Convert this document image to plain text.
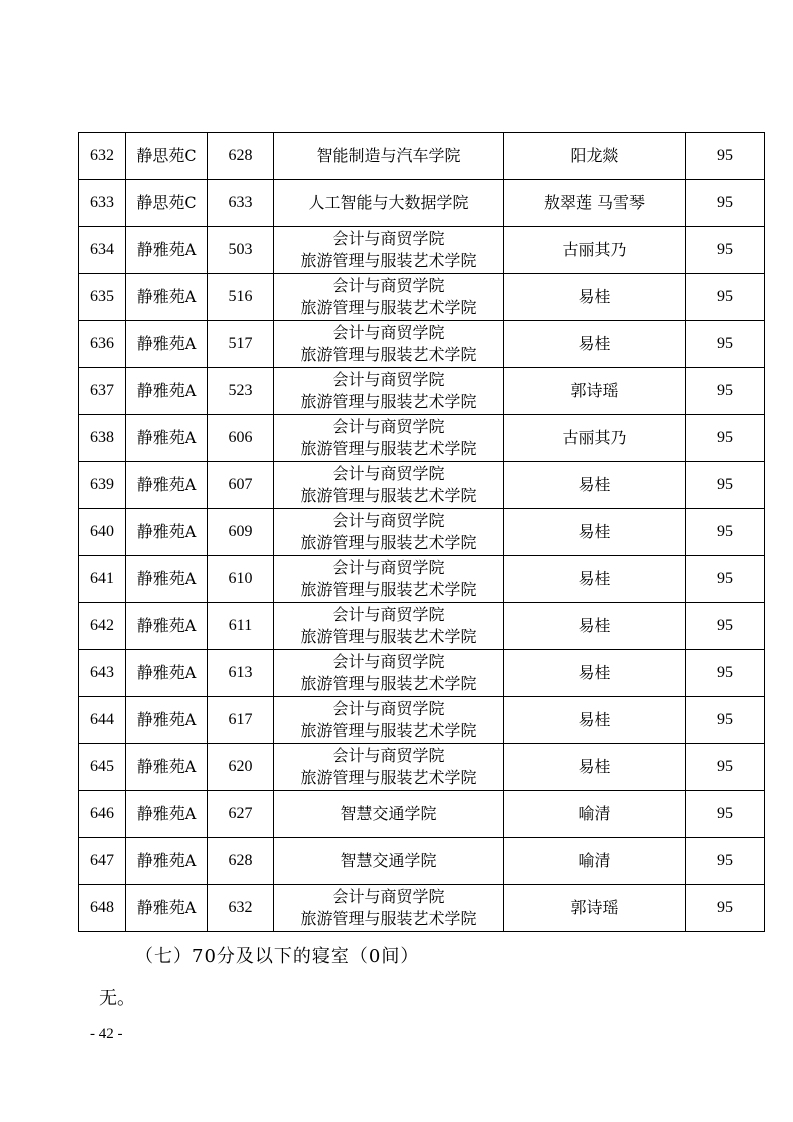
632	静思苑C	628	智能制造与汽车学院	阳龙燚	95
633	静思苑C	633	人工智能与大数据学院	敖翠莲 马雪琴	95
634	静雅苑A	503	会计与商贸学院
旅游管理与服装艺术学院	古丽其乃	95
635	静雅苑A	516	会计与商贸学院
旅游管理与服装艺术学院	易桂	95
636	静雅苑A	517	会计与商贸学院
旅游管理与服装艺术学院	易桂	95
637	静雅苑A	523	会计与商贸学院
旅游管理与服装艺术学院	郭诗瑶	95
638	静雅苑A	606	会计与商贸学院
旅游管理与服装艺术学院	古丽其乃	95
639	静雅苑A	607	会计与商贸学院
旅游管理与服装艺术学院	易桂	95
640	静雅苑A	609	会计与商贸学院
旅游管理与服装艺术学院	易桂	95
641	静雅苑A	610	会计与商贸学院
旅游管理与服装艺术学院	易桂	95
642	静雅苑A	611	会计与商贸学院
旅游管理与服装艺术学院	易桂	95
643	静雅苑A	613	会计与商贸学院
旅游管理与服装艺术学院	易桂	95
644	静雅苑A	617	会计与商贸学院
旅游管理与服装艺术学院	易桂	95
645	静雅苑A	620	会计与商贸学院
旅游管理与服装艺术学院	易桂	95
646	静雅苑A	627	智慧交通学院	喻清	95
647	静雅苑A	628	智慧交通学院	喻清	95
648	静雅苑A	632	会计与商贸学院
旅游管理与服装艺术学院	郭诗瑶	95
（七）70分及以下的寝室（0间）
无。
- 42 -
